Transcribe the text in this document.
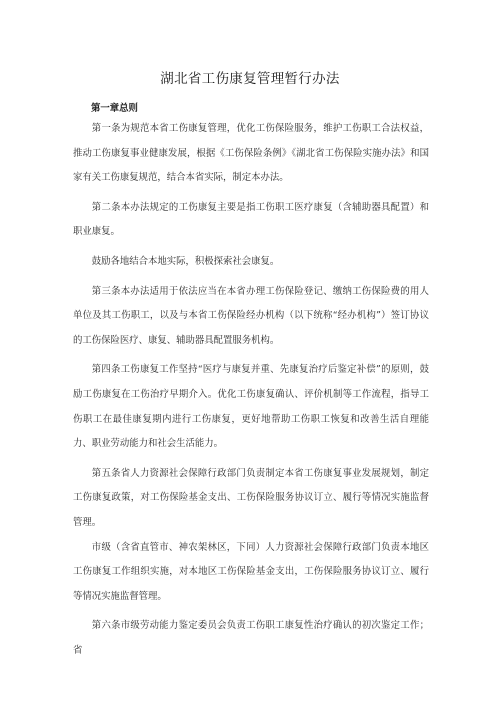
湖北省工伤康复管理暂行办法
第一章总则

第一条为规范本省工伤康复管理，优化工伤保险服务，维护工伤职工合法权益，推动工伤康复事业健康发展，根据《工伤保险条例》《湖北省工伤保险实施办法》和国家有关工伤康复规范，结合本省实际，制定本办法。

第二条本办法规定的工伤康复主要是指工伤职工医疗康复（含辅助器具配置）和职业康复。

鼓励各地结合本地实际，积极探索社会康复。

第三条本办法适用于依法应当在本省办理工伤保险登记、缴纳工伤保险费的用人单位及其工伤职工，以及与本省工伤保险经办机构（以下统称“经办机构”）签订协议的工伤保险医疗、康复、辅助器具配置服务机构。

第四条工伤康复工作坚持“医疗与康复并重、先康复治疗后鉴定补偿”的原则，鼓励工伤康复在工伤治疗早期介入。优化工伤康复确认、评价机制等工作流程，指导工伤职工在最佳康复期内进行工伤康复，更好地帮助工伤职工恢复和改善生活自理能力、职业劳动能力和社会生活能力。

第五条省人力资源社会保障行政部门负责制定本省工伤康复事业发展规划，制定工伤康复政策，对工伤保险基金支出、工伤保险服务协议订立、履行等情况实施监督管理。

市级（含省直管市、神农架林区，下同）人力资源社会保障行政部门负责本地区工伤康复工作组织实施，对本地区工伤保险基金支出，工伤保险服务协议订立、履行等情况实施监督管理。

第六条市级劳动能力鉴定委员会负责工伤职工康复性治疗确认的初次鉴定工作；省
